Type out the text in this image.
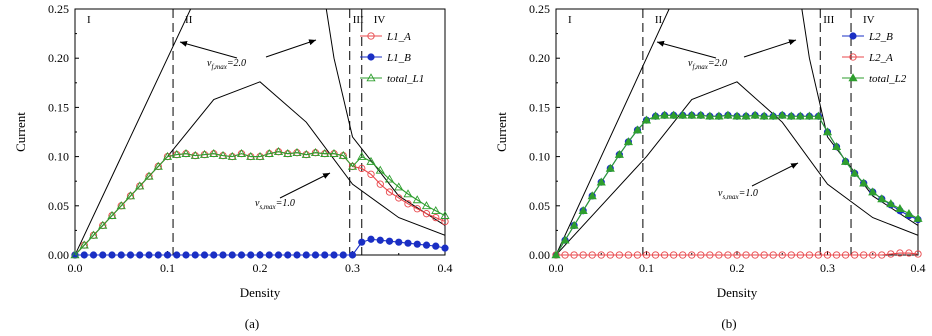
0.0	0.1	0.2	0.3	0.4
0.00
0.05
0.10
0.15
0.20
0.25
Density
Current
(a)
I	II	III IV
$v_{f,max}=2.0$
$v_{s,max}=1.0$
L1_A
L1_B
total_L1
0.0	0.1	0.2	0.3	0.4
0.00
0.05
0.10
0.15
0.20
0.25
Density
Current
(b)
I	II	III	IV
$v_{f,max}=2.0$
$v_{s,max}=1.0$
L2_B
L2_A
total_L2
